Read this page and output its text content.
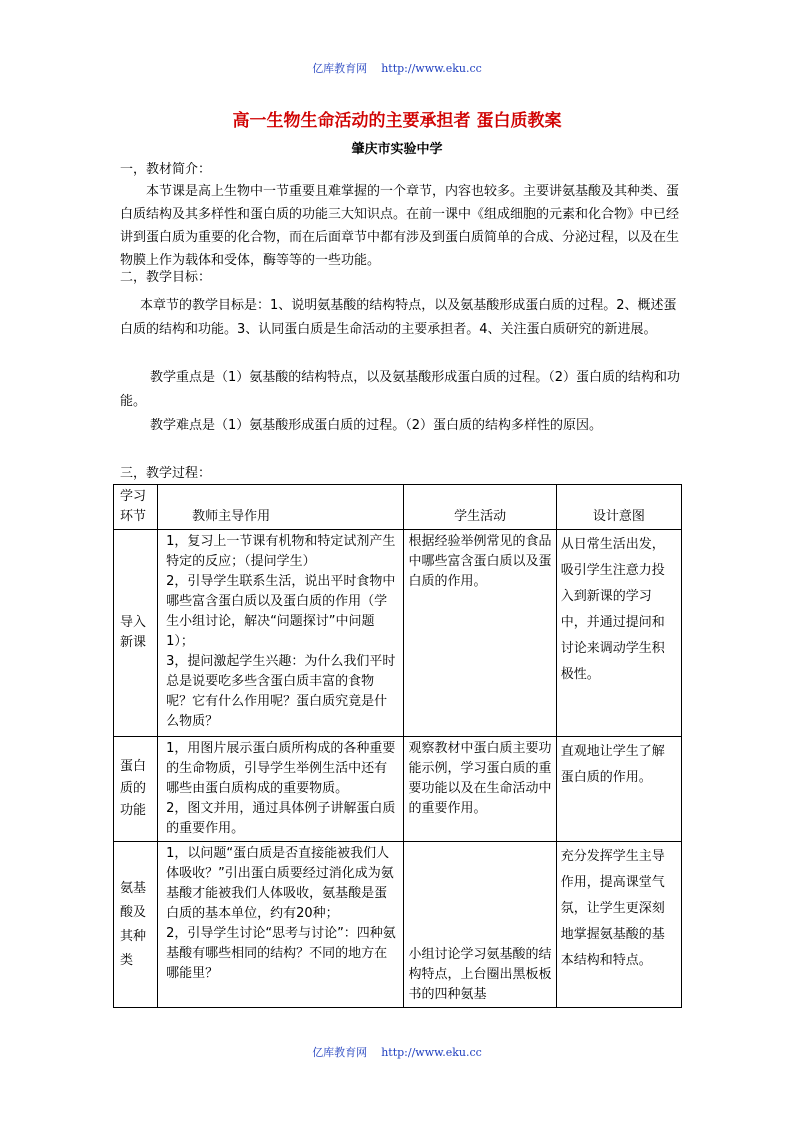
亿库教育网 http://www.eku.cc
高一生物生命活动的主要承担者 蛋白质教案
肇庆市实验中学
一，教材简介：
本节课是高上生物中一节重要且难掌握的一个章节，内容也较多。主要讲氨基酸及其种类、蛋白质结构及其多样性和蛋白质的功能三大知识点。在前一课中《组成细胞的元素和化合物》中已经讲到蛋白质为重要的化合物，而在后面章节中都有涉及到蛋白质简单的合成、分泌过程，以及在生物膜上作为载体和受体，酶等等的一些功能。
二，教学目标：
本章节的教学目标是：1、说明氨基酸的结构特点，以及氨基酸形成蛋白质的过程。2、概述蛋白质的结构和功能。3、认同蛋白质是生命活动的主要承担者。4、关注蛋白质研究的新进展。
教学重点是（1）氨基酸的结构特点，以及氨基酸形成蛋白质的过程。（2）蛋白质的结构和功能。
教学难点是（1）氨基酸形成蛋白质的过程。（2）蛋白质的结构多样性的原因。
三，教学过程：
学习环节	教师主导作用	学生活动	设计意图
导入新课	1，复习上一节课有机物和特定试剂产生特定的反应；（提问学生）
2，引导学生联系生活，说出平时食物中哪些富含蛋白质以及蛋白质的作用（学生小组讨论，解决“问题探讨”中问题1）；
3，提问激起学生兴趣：为什么我们平时总是说要吃多些含蛋白质丰富的食物呢？它有什么作用呢？蛋白质究竟是什么物质？	根据经验举例常见的食品中哪些富含蛋白质以及蛋白质的作用。	从日常生活出发，吸引学生注意力投入到新课的学习中，并通过提问和讨论来调动学生积极性。
蛋白质的功能	1，用图片展示蛋白质所构成的各种重要的生命物质，引导学生举例生活中还有哪些由蛋白质构成的重要物质。
2，图文并用，通过具体例子讲解蛋白质的重要作用。	观察教材中蛋白质主要功能示例，学习蛋白质的重要功能以及在生命活动中的重要作用。	直观地让学生了解蛋白质的作用。
氨基酸及其种类	1，以问题“蛋白质是否直接能被我们人体吸收？”引出蛋白质要经过消化成为氨基酸才能被我们人体吸收，氨基酸是蛋白质的基本单位，约有20种；
2，引导学生讨论“思考与讨论”：四种氨基酸有哪些相同的结构？不同的地方在哪能里？	小组讨论学习氨基酸的结构特点，上台圈出黑板板书的四种氨基	充分发挥学生主导作用，提高课堂气氛，让学生更深刻地掌握氨基酸的基本结构和特点。
亿库教育网 http://www.eku.cc
